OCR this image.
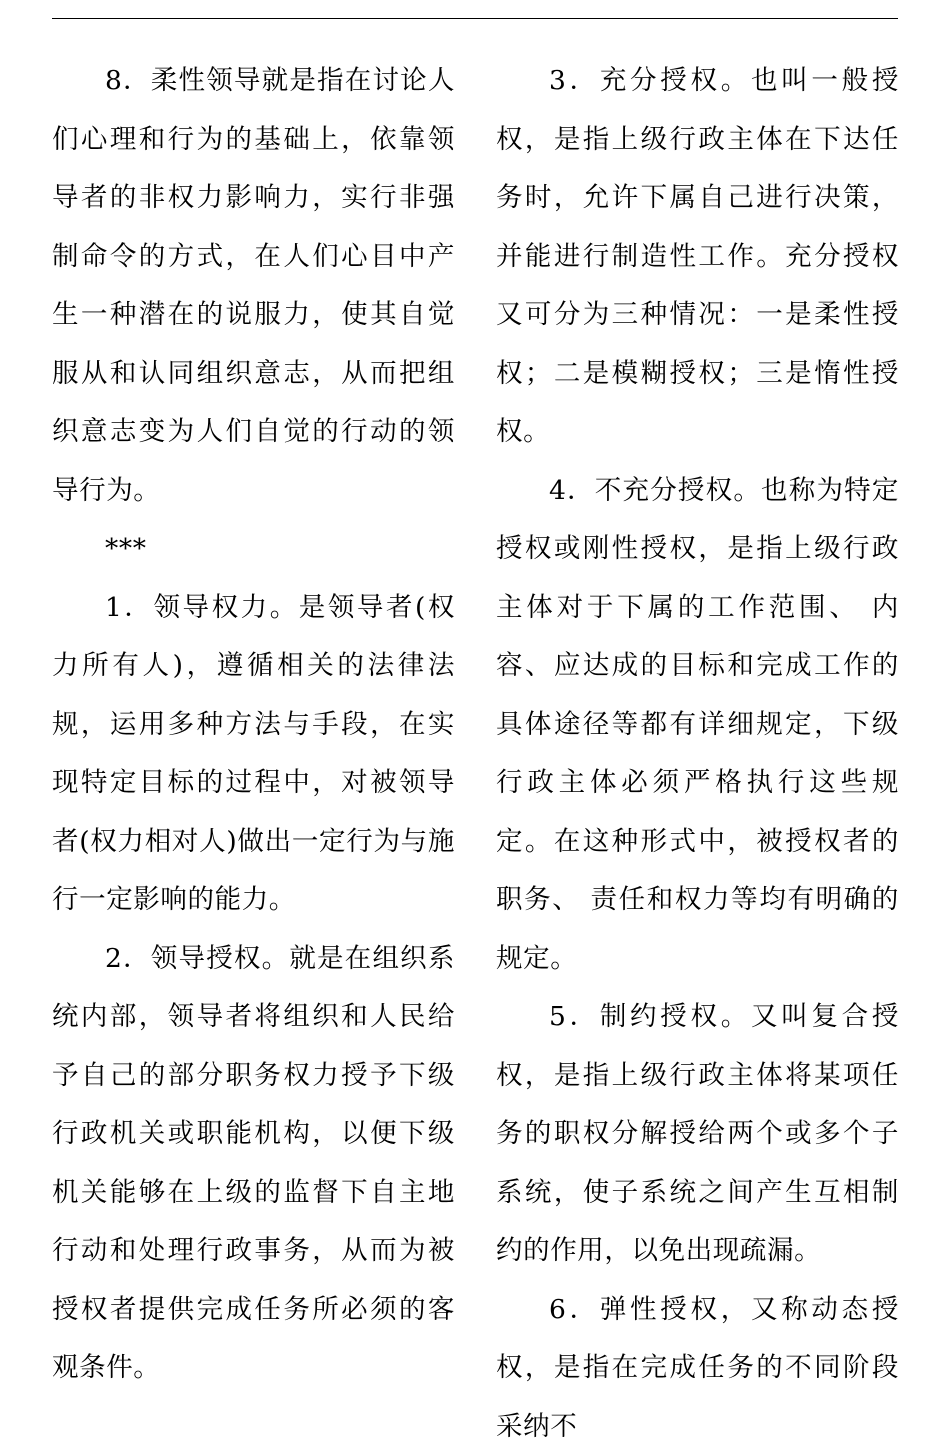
8．柔性领导就是指在讨论人们心理和行为的基础上，依靠领导者的非权力影响力，实行非强制命令的方式，在人们心目中产生一种潜在的说服力，使其自觉服从和认同组织意志，从而把组织意志变为人们自觉的行动的领导行为。

***

1．领导权力。是领导者(权力所有人)，遵循相关的法律法规，运用多种方法与手段，在实现特定目标的过程中，对被领导者(权力相对人)做出一定行为与施行一定影响的能力。

2．领导授权。就是在组织系统内部，领导者将组织和人民给予自己的部分职务权力授予下级行政机关或职能机构，以便下级机关能够在上级的监督下自主地行动和处理行政事务，从而为被授权者提供完成任务所必须的客观条件。

3．充分授权。也叫一般授权，是指上级行政主体在下达任务时，允许下属自己进行决策，并能进行制造性工作。充分授权又可分为三种情况：一是柔性授权；二是模糊授权；三是惰性授权。

4．不充分授权。也称为特定授权或刚性授权，是指上级行政主体对于下属的工作范围、 内容、应达成的目标和完成工作的具体途径等都有详细规定，下级行政主体必须严格执行这些规定。在这种形式中，被授权者的职务、 责任和权力等均有明确的规定。

5．制约授权。又叫复合授权，是指上级行政主体将某项任务的职权分解授给两个或多个子系统，使子系统之间产生互相制约的作用，以免出现疏漏。

6．弹性授权，又称动态授权，是指在完成任务的不同阶段采纳不
